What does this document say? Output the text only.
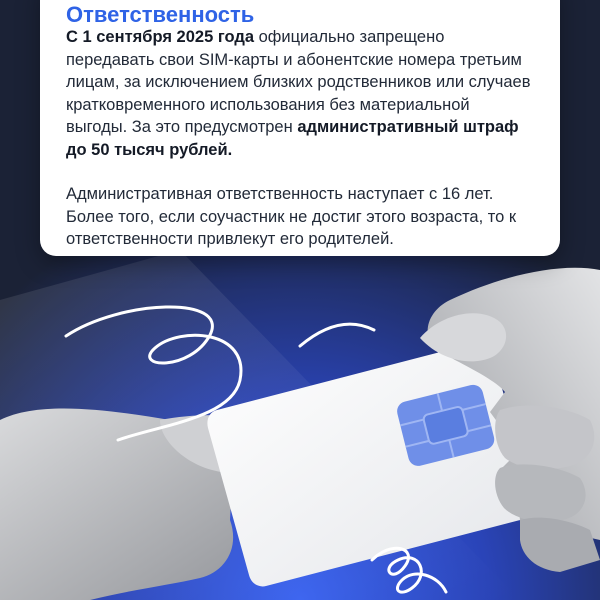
Ответственность

С 1 сентября 2025 года официально запрещено передавать свои SIM-карты и абонентские номера третьим лицам, за исключением близких родственников или случаев кратковременного использования без материальной выгоды. За это предусмотрен административный штраф до 50 тысяч рублей.

Административная ответственность наступает с 16 лет. Более того, если соучастник не достиг этого возраста, то к ответственности привлекут его родителей.
